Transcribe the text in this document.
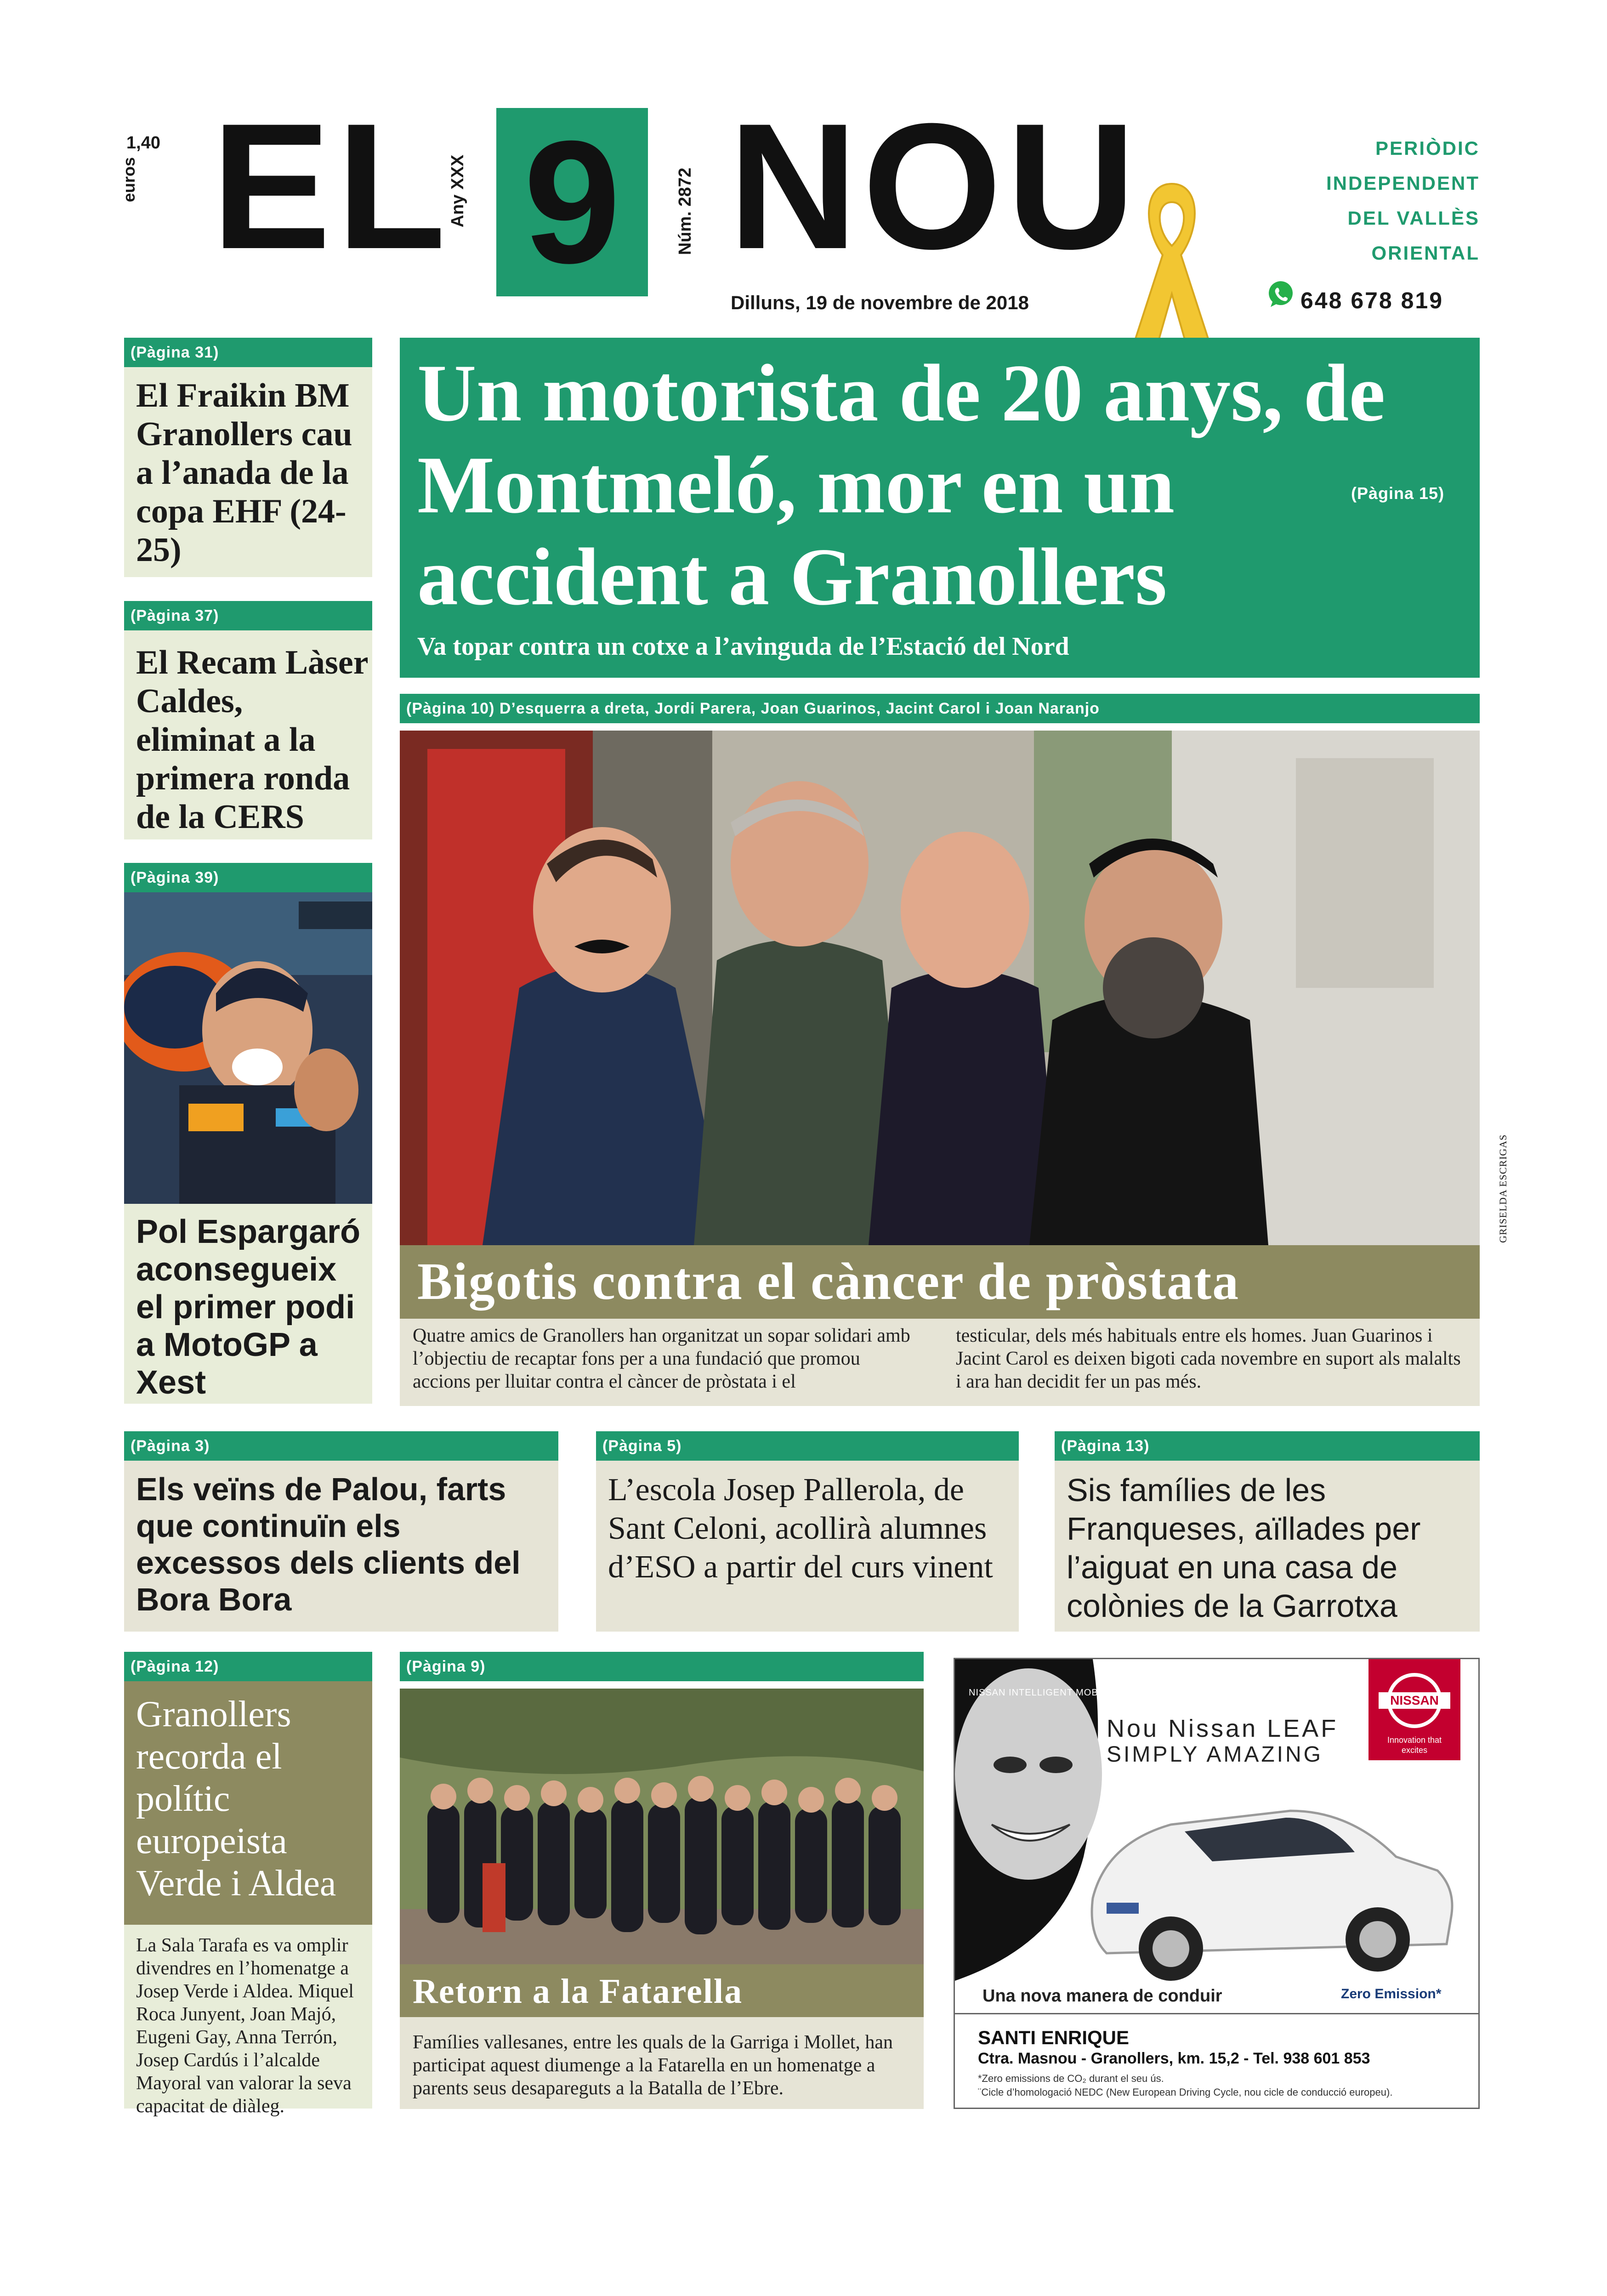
1,40
euros EL
Any XXX 9	Núm. 2872 NOU
Dilluns, 19 de novembre de 2018
PERIÒDIC
INDEPENDENT
DEL VALLÈS
ORIENTAL
648 678 819
(Pàgina 31)
El Fraikin BM Granollers cau a l’anada de la copa EHF (24-25)
(Pàgina 37)
El Recam Làser Caldes, eliminat a la primera ronda de la CERS
(Pàgina 39)
Pol Espargaró aconsegueix el primer podi a MotoGP a Xest
Un motorista de 20 anys, de Montmeló, mor en un accident a Granollers
(Pàgina 15)
Va topar contra un cotxe a l’avinguda de l’Estació del Nord
(Pàgina 10) D’esquerra a dreta, Jordi Parera, Joan Guarinos, Jacint Carol i Joan Naranjo
GRISELDA ESCRIGAS
Bigotis contra el càncer de pròstata
Quatre amics de Granollers han organitzat un sopar solidari amb l’objectiu de recaptar fons per a una fundació que promou accions per lluitar contra el càncer de pròstata i el
testicular, dels més habituals entre els homes. Juan Guarinos i Jacint Carol es deixen bigoti cada novembre en suport als malalts i ara han decidit fer un pas més.
(Pàgina 3)
Els veïns de Palou, farts que continuïn els excessos dels clients del Bora Bora
(Pàgina 5)
L’escola Josep Pallerola, de Sant Celoni, acollirà alumnes d’ESO a partir del curs vinent
(Pàgina 13)
Sis famílies de les Franqueses, aïllades per l’aiguat en una casa de colònies de la Garrotxa
(Pàgina 12)
Granollers recorda el polític europeista Verde i Aldea
La Sala Tarafa es va omplir divendres en l’homenatge a Josep Verde i Aldea. Miquel Roca Junyent, Joan Majó, Eugeni Gay, Anna Terrón, Josep Cardús i l’alcalde Mayoral van valorar la seva capacitat de diàleg.
(Pàgina 9)
Retorn a la Fatarella
Famílies vallesanes, entre les quals de la Garriga i Mollet, han participat aquest diumenge a la Fatarella en un homenatge a parents seus desapareguts a la Batalla de l’Ebre.
NISSAN INTELLIGENT MOBILITY
NISSAN
Innovation that excites
Nou Nissan LEAF
SIMPLY AMAZING
Una nova manera de conduir	Zero Emission*
SANTI ENRIQUE
Ctra. Masnou - Granollers, km. 15,2 - Tel. 938 601 853
*Zero emissions de CO₂ durant el seu ús.
¨Cicle d’homologació NEDC (New European Driving Cycle, nou cicle de conducció europeu).
